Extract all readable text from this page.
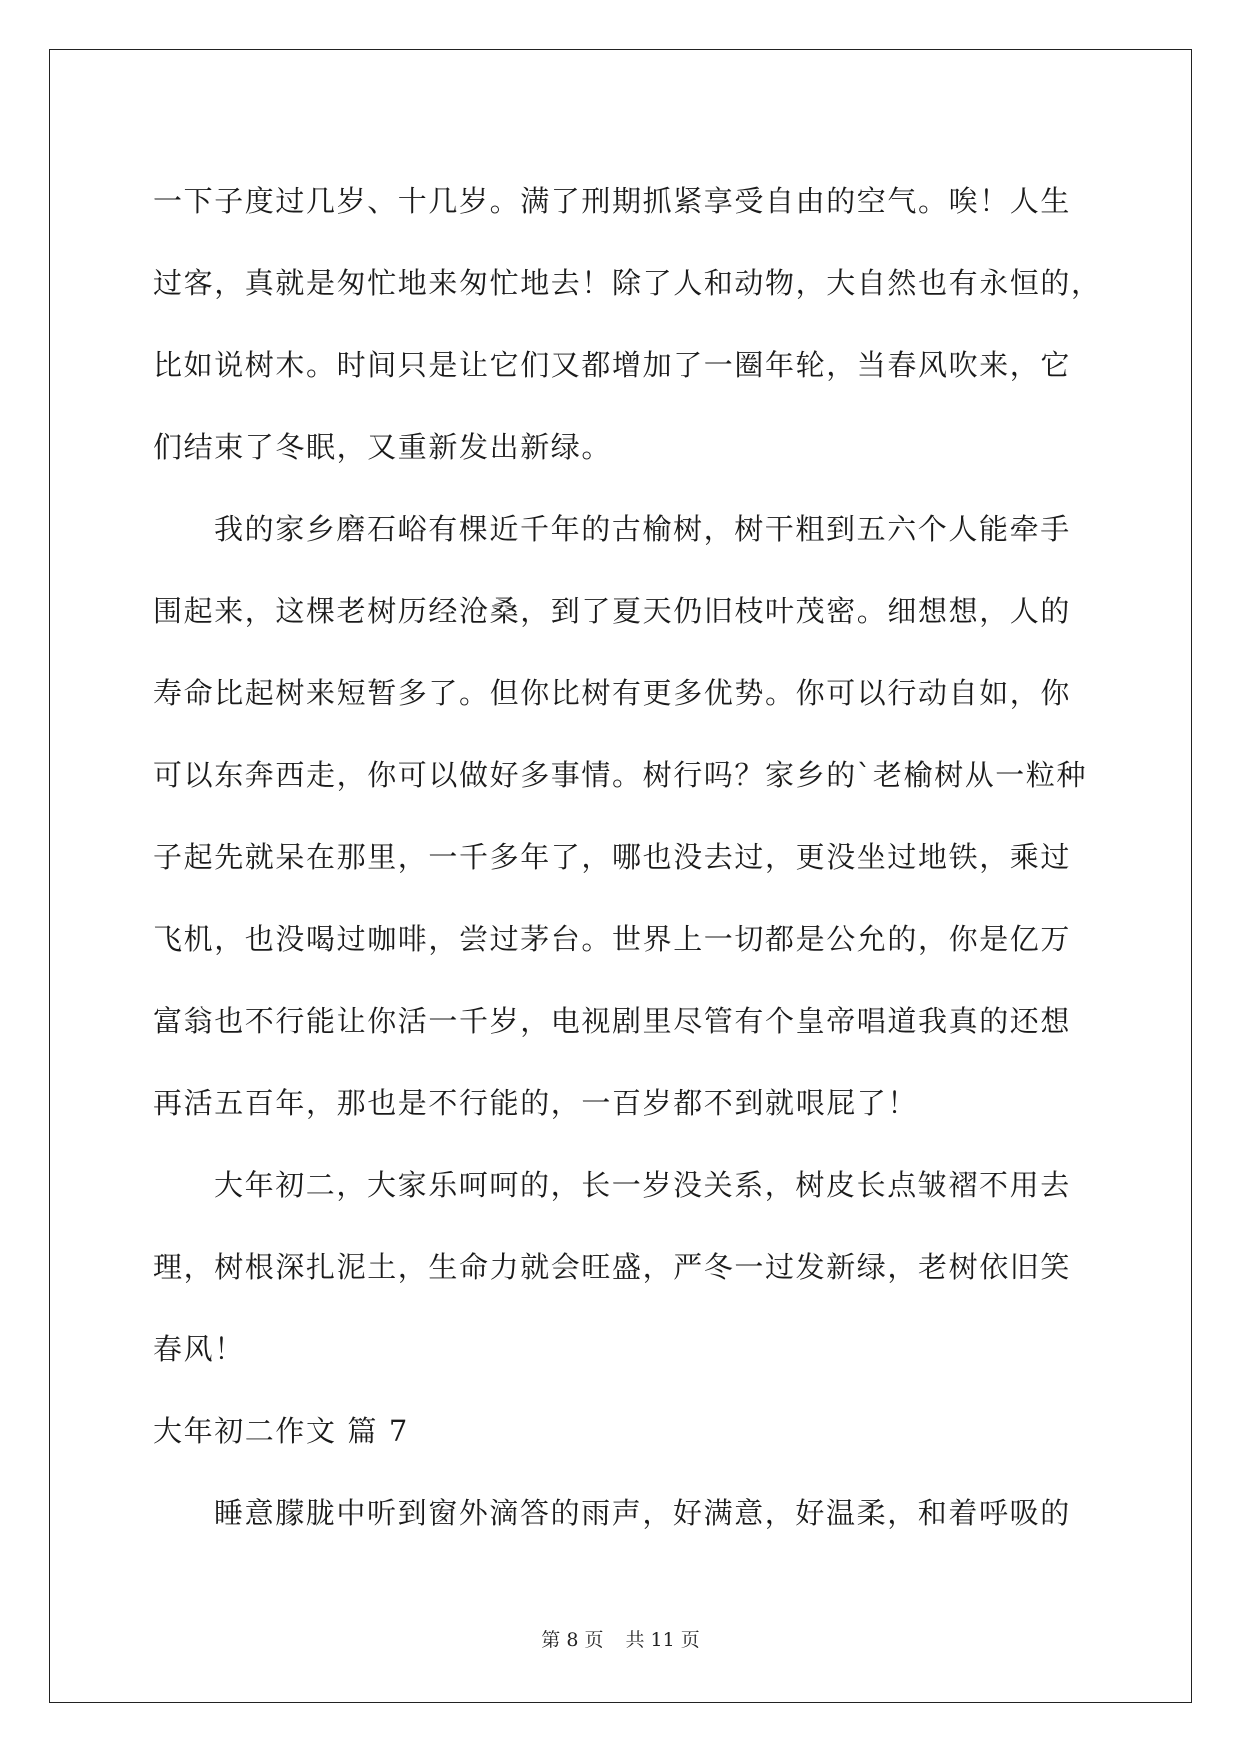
一下子度过几岁、十几岁。满了刑期抓紧享受自由的空气。唉！人生
过客，真就是匆忙地来匆忙地去！除了人和动物，大自然也有永恒的，
比如说树木。时间只是让它们又都增加了一圈年轮，当春风吹来，它
们结束了冬眠，又重新发出新绿。
我的家乡磨石峪有棵近千年的古榆树，树干粗到五六个人能牵手
围起来，这棵老树历经沧桑，到了夏天仍旧枝叶茂密。细想想，人的
寿命比起树来短暂多了。但你比树有更多优势。你可以行动自如，你
可以东奔西走，你可以做好多事情。树行吗？家乡的`老榆树从一粒种
子起先就呆在那里，一千多年了，哪也没去过，更没坐过地铁，乘过
飞机，也没喝过咖啡，尝过茅台。世界上一切都是公允的，你是亿万
富翁也不行能让你活一千岁，电视剧里尽管有个皇帝唱道我真的还想
再活五百年，那也是不行能的，一百岁都不到就哏屁了！
大年初二，大家乐呵呵的，长一岁没关系，树皮长点皱褶不用去
理，树根深扎泥土，生命力就会旺盛，严冬一过发新绿，老树依旧笑
春风！
大年初二作文 篇 7
睡意朦胧中听到窗外滴答的雨声，好满意，好温柔，和着呼吸的
第 8 页 共 11 页
